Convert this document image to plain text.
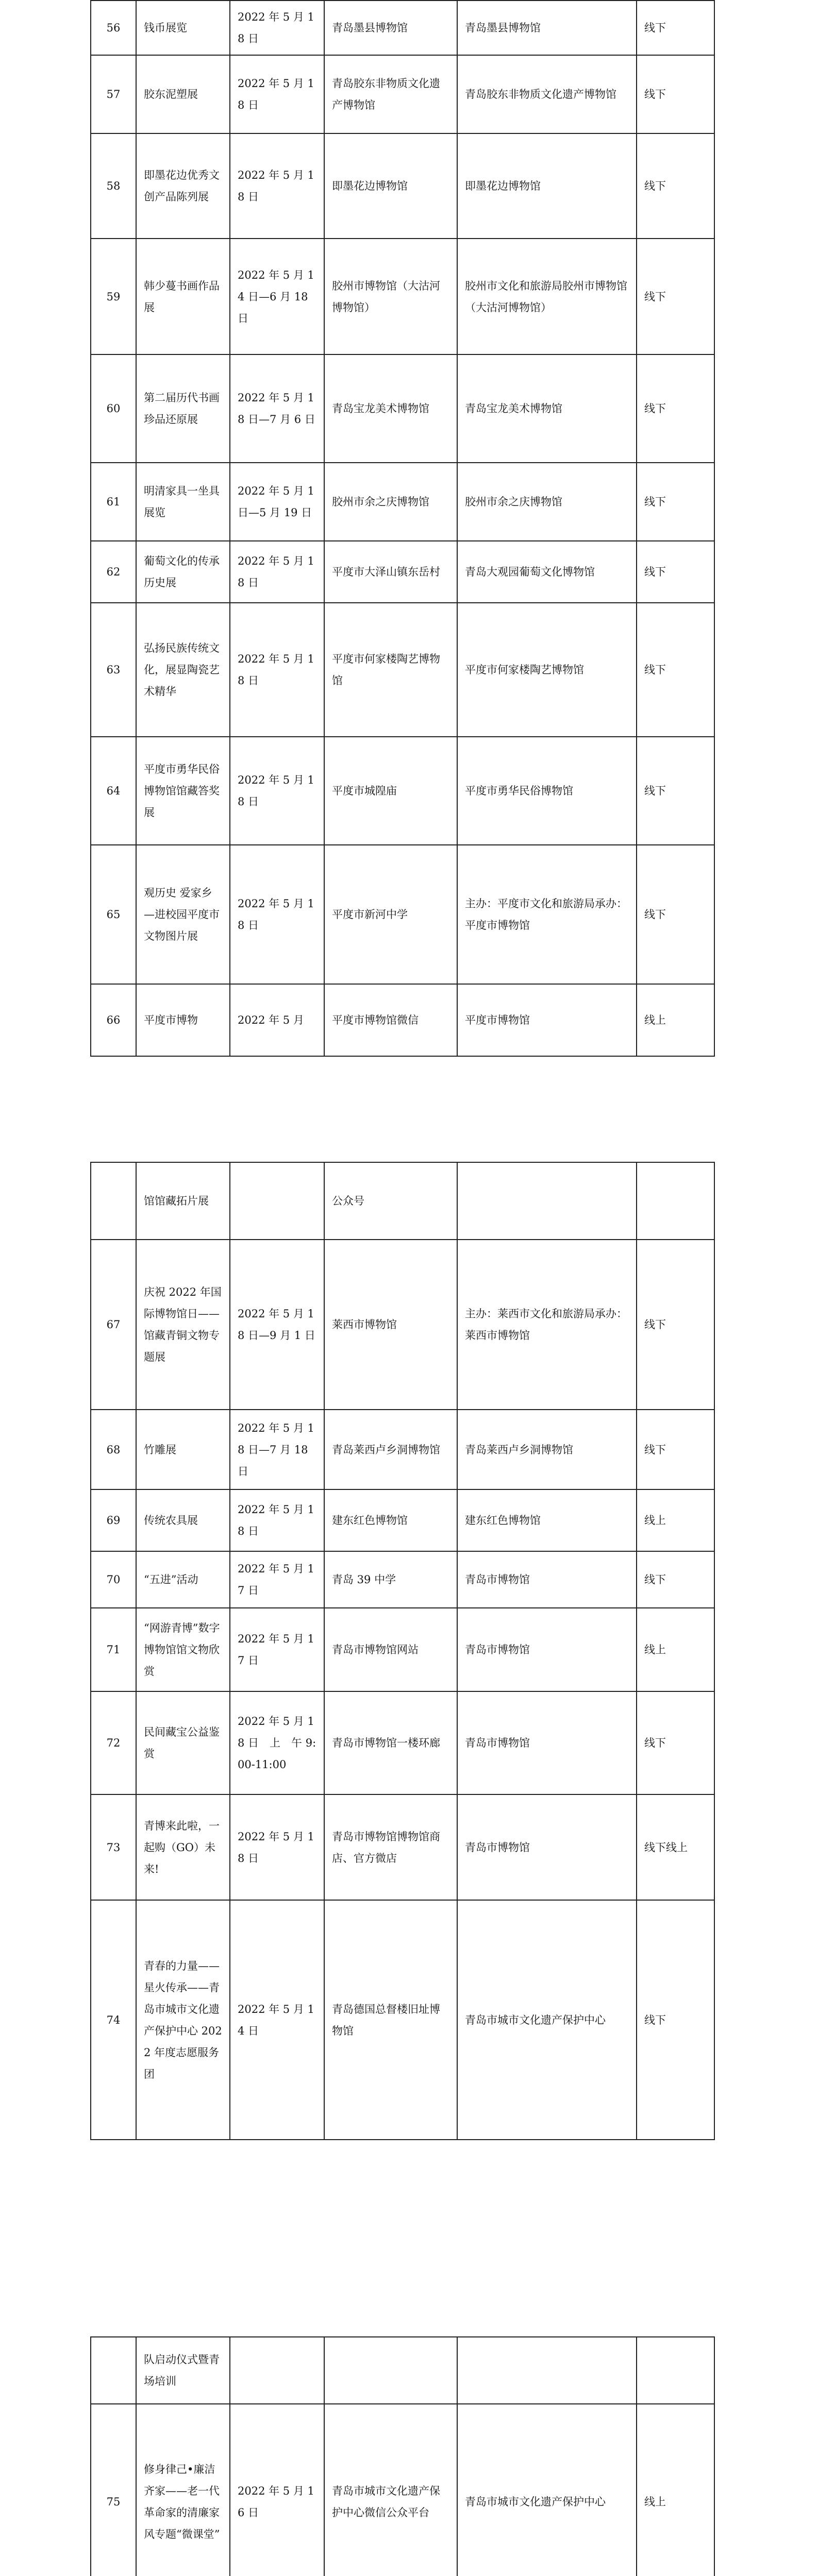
56	钱币展览	2022 年 5 月 18 日	青岛墨县博物馆	青岛墨县博物馆	线下
57	胶东泥塑展	2022 年 5 月 18 日	青岛胶东非物质文化遗产博物馆	青岛胶东非物质文化遗产博物馆	线下
58	即墨花边优秀文创产品陈列展	2022 年 5 月 18 日	即墨花边博物馆	即墨花边博物馆	线下
59	韩少蔓书画作品展	2022 年 5 月 14 日—6 月 18 日	胶州市博物馆（大沽河博物馆）	胶州市文化和旅游局胶州市博物馆　　（大沽河博物馆）	线下
60	第二届历代书画珍品还原展	2022 年 5 月 18 日—7 月 6 日	青岛宝龙美术博物馆	青岛宝龙美术博物馆	线下
61	明清家具一坐具展览	2022 年 5 月 1 日—5 月 19 日	胶州市余之庆博物馆	胶州市余之庆博物馆	线下
62	葡萄文化的传承历史展	2022 年 5 月 18 日	平度市大泽山镇东岳村	青岛大观园葡萄文化博物馆	线下
63	弘扬民族传统文化，展显陶瓷艺术精华	2022 年 5 月 18 日	平度市何家楼陶艺博物馆	平度市何家楼陶艺博物馆	线下
64	平度市勇华民俗博物馆馆藏答奖展	2022 年 5 月 18 日	平度市城隍庙	平度市勇华民俗博物馆	线下
65	观历史 爱家乡—进校园平度市文物图片展	2022 年 5 月 18 日	平度市新河中学	主办：平度市文化和旅游局承办：平度市博物馆	线下
66	平度市博物	2022 年 5 月	平度市博物馆微信	平度市博物馆	线上
	馆馆藏拓片展		公众号		
67	庆祝 2022 年国际博物馆日——馆藏青铜文物专题展	2022 年 5 月 18 日—9 月 1 日	莱西市博物馆	主办：莱西市文化和旅游局承办：莱西市博物馆	线下
68	竹雕展	2022 年 5 月 18 日—7 月 18 日	青岛莱西卢乡洞博物馆	青岛莱西卢乡洞博物馆	线下
69	传统农具展	2022 年 5 月 18 日	建东红色博物馆	建东红色博物馆	线上
70	“五进”活动	2022 年 5 月 17 日	青岛 39 中学	青岛市博物馆	线下
71	“网游青博”数字博物馆馆文物欣赏	2022 年 5 月 17 日	青岛市博物馆网站	青岛市博物馆	线上
72	民间藏宝公益鉴赏	2022 年 5 月 18 日　上　午 9:00-11:00	青岛市博物馆一楼环廊	青岛市博物馆	线下
73	青博来此啦，一起购（GO）未来!	2022 年 5 月 18 日	青岛市博物馆博物馆商店、官方微店	青岛市博物馆	线下线上
74	青春的力量——星火传承——青岛市城市文化遗产保护中心 2022 年度志愿服务团	2022 年 5 月 14 日	青岛德国总督楼旧址博物馆	青岛市城市文化遗产保护中心	线下
	队启动仪式暨青场培训				
75	修身律己•廉洁齐家——老一代革命家的清廉家风专题“微课堂”	2022 年 5 月 16 日	青岛市城市文化遗产保护中心微信公众平台	青岛市城市文化遗产保护中心	线上
